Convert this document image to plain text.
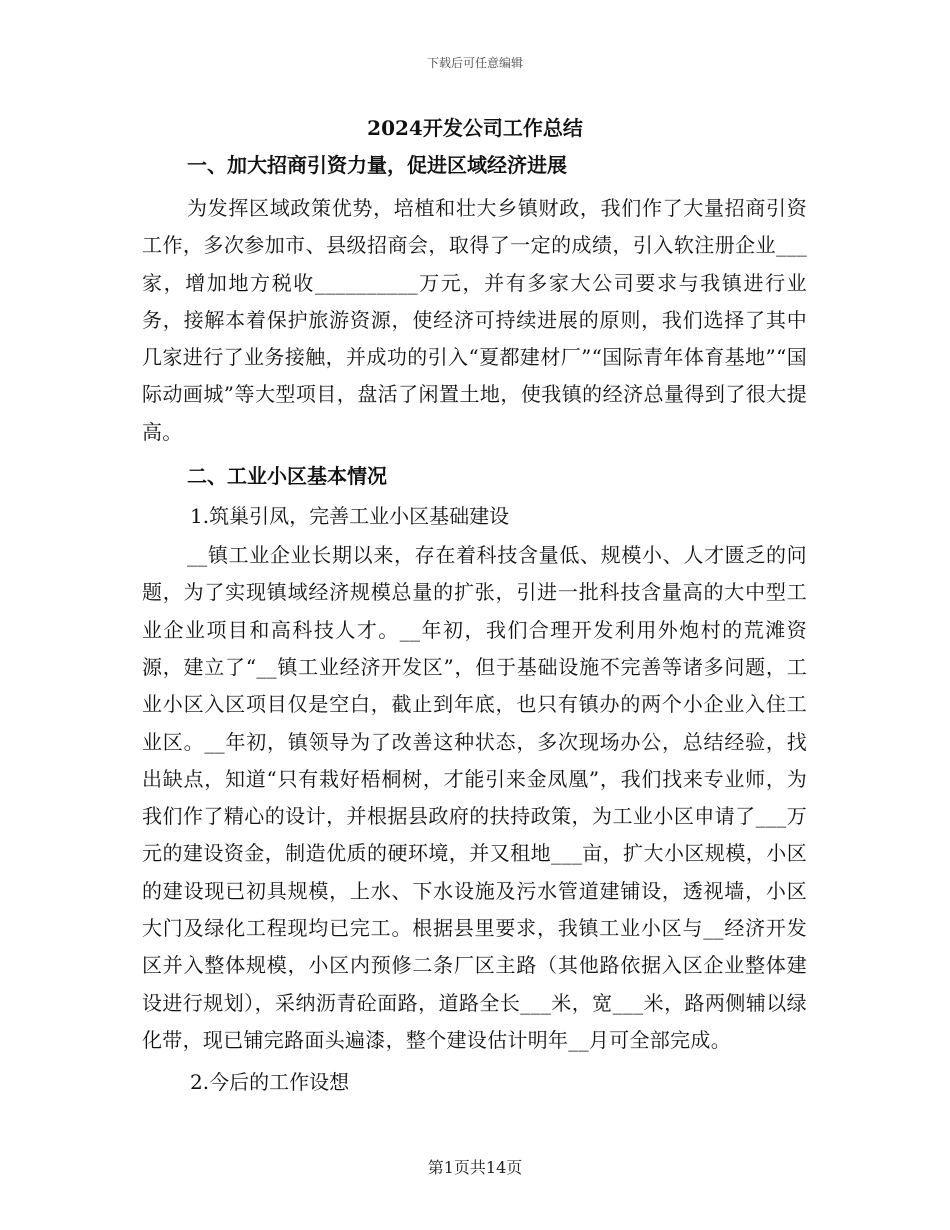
下载后可任意编辑
2024开发公司工作总结
一、加大招商引资力量，促进区域经济进展

为发挥区域政策优势，培植和壮大乡镇财政，我们作了大量招商引资工作，多次参加市、县级招商会，取得了一定的成绩，引入软注册企业___家，增加地方税收__________万元，并有多家大公司要求与我镇进行业务，接解本着保护旅游资源，使经济可持续进展的原则，我们选择了其中几家进行了业务接触，并成功的引入“夏都建材厂”“国际青年体育基地”“国际动画城”等大型项目，盘活了闲置土地，使我镇的经济总量得到了很大提高。

二、工业小区基本情况
1.筑巢引凤，完善工业小区基础建设

__镇工业企业长期以来，存在着科技含量低、规模小、人才匮乏的问题，为了实现镇域经济规模总量的扩张，引进一批科技含量高的大中型工业企业项目和高科技人才。__年初，我们合理开发利用外炮村的荒滩资源，建立了“__镇工业经济开发区”，但于基础设施不完善等诸多问题，工业小区入区项目仅是空白，截止到年底，也只有镇办的两个小企业入住工业区。__年初，镇领导为了改善这种状态，多次现场办公，总结经验，找出缺点，知道“只有栽好梧桐树，才能引来金凤凰”，我们找来专业师，为我们作了精心的设计，并根据县政府的扶持政策，为工业小区申请了___万元的建设资金，制造优质的硬环境，并又租地___亩，扩大小区规模，小区的建设现已初具规模，上水、下水设施及污水管道建铺设，透视墙，小区大门及绿化工程现均已完工。根据县里要求，我镇工业小区与__经济开发区并入整体规模，小区内预修二条厂区主路（其他路依据入区企业整体建设进行规划），采纳沥青砼面路，道路全长___米，宽___米，路两侧辅以绿化带，现已铺完路面头遍漆，整个建设估计明年__月可全部完成。

2.今后的工作设想
第1页共14页
